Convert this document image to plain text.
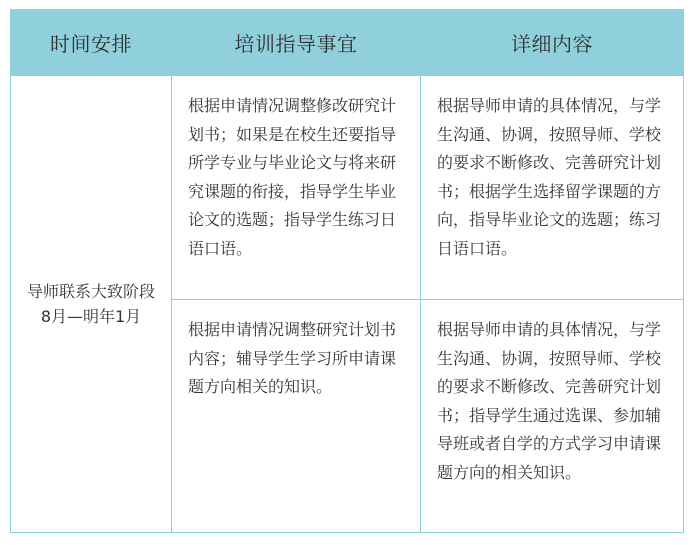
时间安排	培训指导事宜	详细内容

导师联系大致阶段
8月—明年1月	根据申请情况调整修改研究计划书；如果是在校生还要指导所学专业与毕业论文与将来研究课题的衔接，指导学生毕业论文的选题；指导学生练习日语口语。	根据导师申请的具体情况，与学生沟通、协调，按照导师、学校的要求不断修改、完善研究计划书；根据学生选择留学课题的方向，指导毕业论文的选题；练习日语口语。

	根据申请情况调整研究计划书内容；辅导学生学习所申请课题方向相关的知识。	根据导师申请的具体情况，与学生沟通、协调，按照导师、学校的要求不断修改、完善研究计划书；指导学生通过选课、参加辅导班或者自学的方式学习申请课题方向的相关知识。
